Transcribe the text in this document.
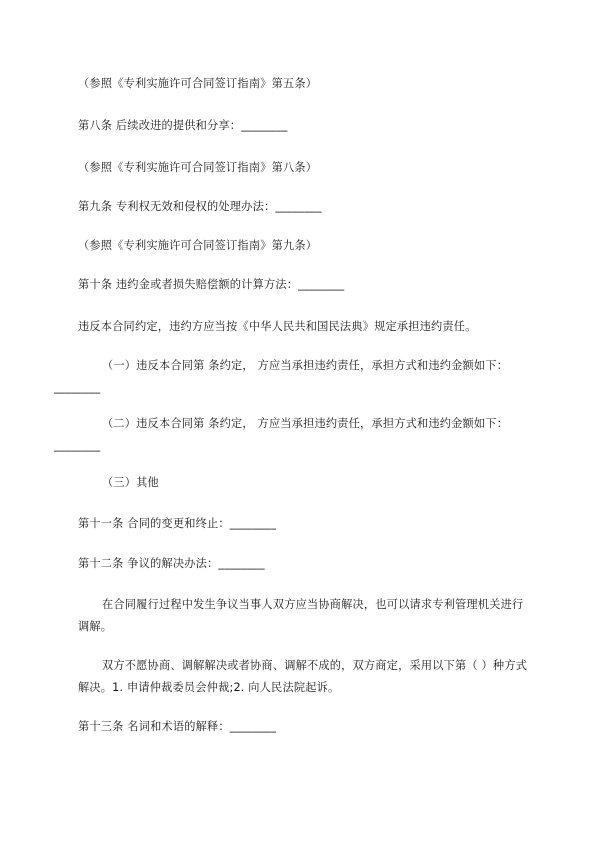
（参照《专利实施许可合同签订指南》第五条）
第八条 后续改进的提供和分享：________
（参照《专利实施许可合同签订指南》第八条）
第九条 专利权无效和侵权的处理办法：________
（参照《专利实施许可合同签订指南》第九条）
第十条 违约金或者损失赔偿额的计算方法：________
违反本合同约定，违约方应当按《中华人民共和国民法典》规定承担违约责任。
（一）违反本合同第 条约定， 方应当承担违约责任，承担方式和违约金额如下：
________
（二）违反本合同第 条约定， 方应当承担违约责任，承担方式和违约金额如下：
________
（三）其他
第十一条 合同的变更和终止：________
第十二条 争议的解决办法：________
在合同履行过程中发生争议当事人双方应当协商解决，也可以请求专利管理机关进行调解。
双方不愿协商、调解解决或者协商、调解不成的，双方商定，采用以下第（ ）种方式解决。1. 申请仲裁委员会仲裁;2. 向人民法院起诉。
第十三条 名词和术语的解释：________
